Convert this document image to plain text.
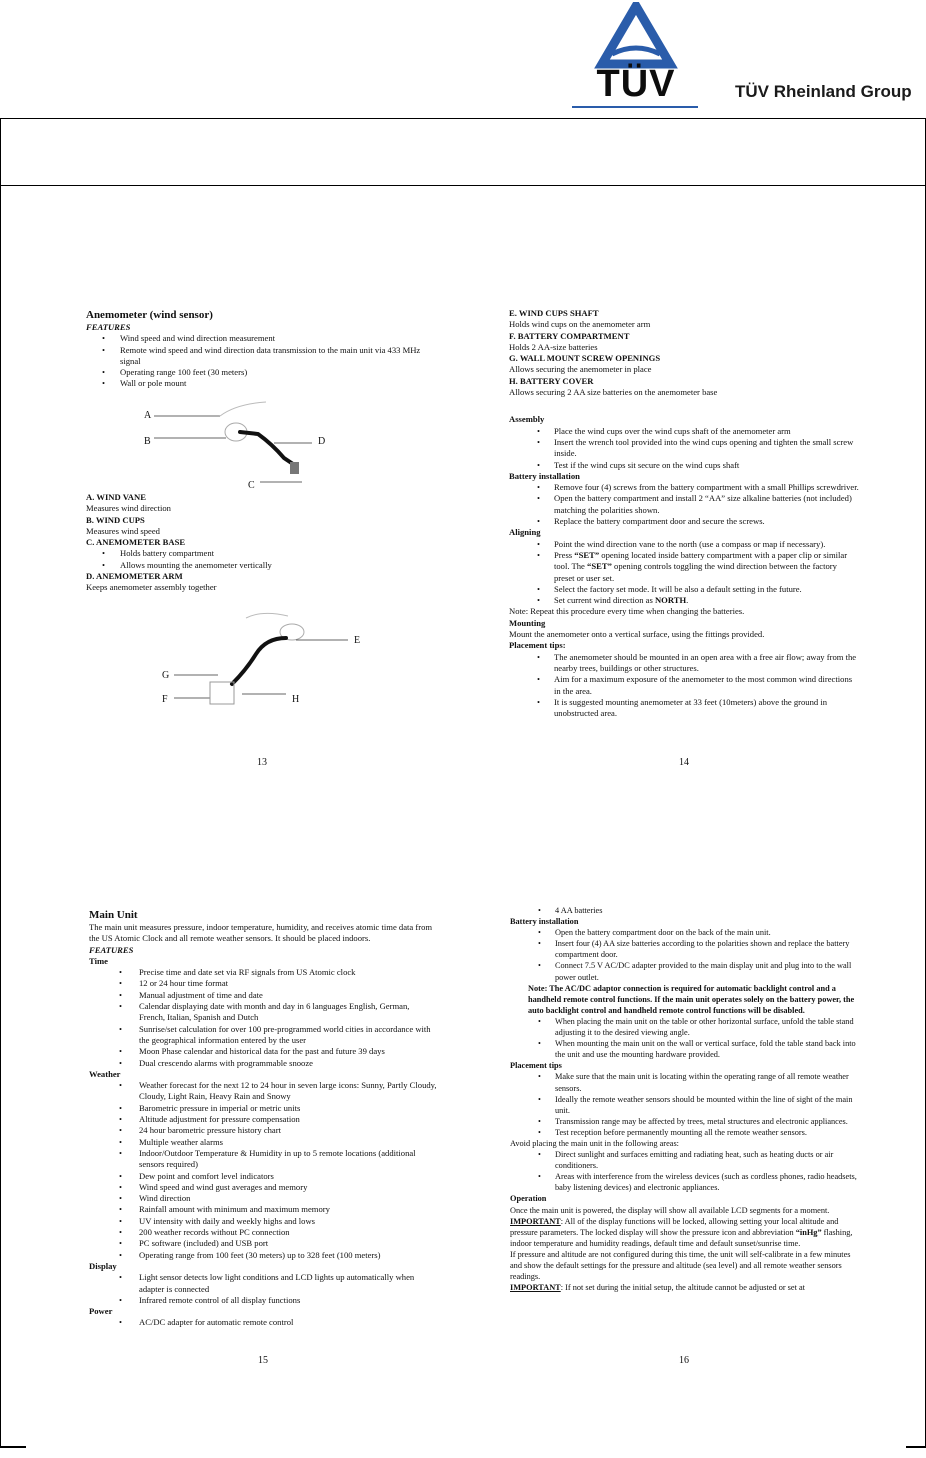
TÜV	TÜV Rheinland Group
Anemometer (wind sensor)
FEATURES
• Wind speed and wind direction measurement
• Remote wind speed and wind direction data transmission to the main unit via 433 MHz signal
• Operating range 100 feet (30 meters)
• Wall or pole mount
A
B	D
C
A. WIND VANE
Measures wind direction
B. WIND CUPS
Measures wind speed
C. ANEMOMETER BASE
• Holds battery compartment
• Allows mounting the anemometer vertically
D. ANEMOMETER ARM
Keeps anemometer assembly together
E
G
F	H
13
E. WIND CUPS SHAFT
Holds wind cups on the anemometer arm
F. BATTERY COMPARTMENT
Holds 2 AA-size batteries
G. WALL MOUNT SCREW OPENINGS
Allows securing the anemometer in place
H. BATTERY COVER
Allows securing 2 AA size batteries on the anemometer base
Assembly
• Place the wind cups over the wind cups shaft of the anemometer arm
• Insert the wrench tool provided into the wind cups opening and tighten the small screw inside.
• Test if the wind cups sit secure on the wind cups shaft
Battery installation
• Remove four (4) screws from the battery compartment with a small Phillips screwdriver.
• Open the battery compartment and install 2 “AA” size alkaline batteries (not included) matching the polarities shown.
• Replace the battery compartment door and secure the screws.
Aligning
• Point the wind direction vane to the north (use a compass or map if necessary).
• Press “SET” opening located inside battery compartment with a paper clip or similar tool. The “SET” opening controls toggling the wind direction between the factory preset or user set.
• Select the factory set mode. It will be also a default setting in the future.
• Set current wind direction as NORTH.
Note: Repeat this procedure every time when changing the batteries.
Mounting
Mount the anemometer onto a vertical surface, using the fittings provided.
Placement tips:
• The anemometer should be mounted in an open area with a free air flow; away from the nearby trees, buildings or other structures.
• Aim for a maximum exposure of the anemometer to the most common wind directions in the area.
• It is suggested mounting anemometer at 33 feet (10meters) above the ground in unobstructed area.
14
Main Unit
The main unit measures pressure, indoor temperature, humidity, and receives atomic time data from the US Atomic Clock and all remote weather sensors. It should be placed indoors.
FEATURES
Time
• Precise time and date set via RF signals from US Atomic clock
• 12 or 24 hour time format
• Manual adjustment of time and date
• Calendar displaying date with month and day in 6 languages English, German, French, Italian, Spanish and Dutch
• Sunrise/set calculation for over 100 pre-programmed world cities in accordance with the geographical information entered by the user
• Moon Phase calendar and historical data for the past and future 39 days
• Dual crescendo alarms with programmable snooze
Weather
• Weather forecast for the next 12 to 24 hour in seven large icons: Sunny, Partly Cloudy, Cloudy, Light Rain, Heavy Rain and Snowy
• Barometric pressure in imperial or metric units
• Altitude adjustment for pressure compensation
• 24 hour barometric pressure history chart
• Multiple weather alarms
• Indoor/Outdoor Temperature & Humidity in up to 5 remote locations (additional sensors required)
• Dew point and comfort level indicators
• Wind speed and wind gust averages and memory
• Wind direction
• Rainfall amount with minimum and maximum memory
• UV intensity with daily and weekly highs and lows
• 200 weather records without PC connection
• PC software (included) and USB port
• Operating range from 100 feet (30 meters) up to 328 feet (100 meters)
Display
• Light sensor detects low light conditions and LCD lights up automatically when adapter is connected
• Infrared remote control of all display functions
Power
• AC/DC adapter for automatic remote control
15
• 4 AA batteries
Battery installation
• Open the battery compartment door on the back of the main unit.
• Insert four (4) AA size batteries according to the polarities shown and replace the battery compartment door.
• Connect 7.5 V AC/DC adapter provided to the main display unit and plug into to the wall power outlet.
Note: The AC/DC adaptor connection is required for automatic backlight control and a handheld remote control functions. If the main unit operates solely on the battery power, the auto backlight control and handheld remote control functions will be disabled.
• When placing the main unit on the table or other horizontal surface, unfold the table stand adjusting it to the desired viewing angle.
• When mounting the main unit on the wall or vertical surface, fold the table stand back into the unit and use the mounting hardware provided.
Placement tips
• Make sure that the main unit is locating within the operating range of all remote weather sensors.
• Ideally the remote weather sensors should be mounted within the line of sight of the main unit.
• Transmission range may be affected by trees, metal structures and electronic appliances.
• Test reception before permanently mounting all the remote weather sensors.
Avoid placing the main unit in the following areas:
• Direct sunlight and surfaces emitting and radiating heat, such as heating ducts or air conditioners.
• Areas with interference from the wireless devices (such as cordless phones, radio headsets, baby listening devices) and electronic appliances.
Operation
Once the main unit is powered, the display will show all available LCD segments for a moment.
IMPORTANT: All of the display functions will be locked, allowing setting your local altitude and pressure parameters. The locked display will show the pressure icon and abbreviation “inHg” flashing, indoor temperature and humidity readings, default time and default sunset/sunrise time.
If pressure and altitude are not configured during this time, the unit will self-calibrate in a few minutes and show the default settings for the pressure and altitude (sea level) and all remote weather sensors readings.
IMPORTANT: If not set during the initial setup, the altitude cannot be adjusted or set at
16
